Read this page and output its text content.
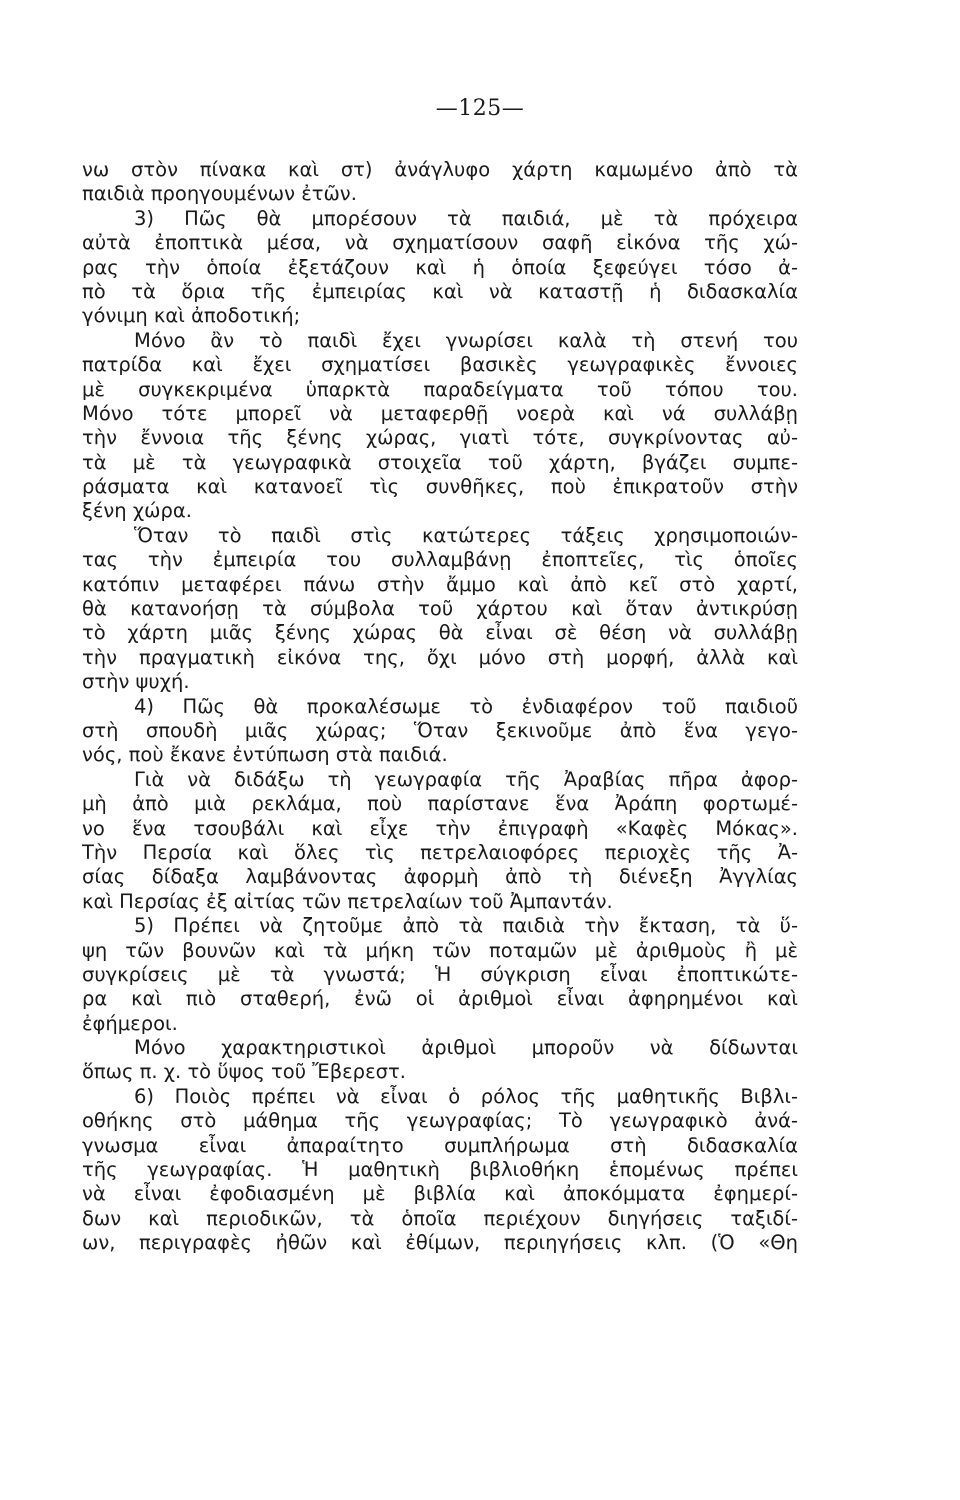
—125—
νω στὸν πίνακα καὶ στ) ἀνάγλυφο χάρτη καμωμένο ἀπὸ τὰ
παιδιὰ προηγουμένων ἐτῶν.
3) Πῶς θὰ μπορέσουν τὰ παιδιά, μὲ τὰ πρόχειρα
αὐτὰ ἐποπτικὰ μέσα, νὰ σχηματίσουν σαφῆ εἰκόνα τῆς χώ-
ρας τὴν ὁποία ἐξετάζουν καὶ ἡ ὁποία ξεφεύγει τόσο ἀ-
πὸ τὰ ὅρια τῆς ἐμπειρίας καὶ νὰ καταστῇ ἡ διδασκαλία
γόνιμη καὶ ἀποδοτική;
Μόνο ἂν τὸ παιδὶ ἔχει γνωρίσει καλὰ τὴ στενή του
πατρίδα καὶ ἔχει σχηματίσει βασικὲς γεωγραφικὲς ἔννοιες
μὲ συγκεκριμένα ὑπαρκτὰ παραδείγματα τοῦ τόπου του.
Μόνο τότε μπορεῖ νὰ μεταφερθῇ νοερὰ καὶ νά συλλάβῃ
τὴν ἔννοια τῆς ξένης χώρας, γιατὶ τότε, συγκρίνοντας αὐ-
τὰ μὲ τὰ γεωγραφικὰ στοιχεῖα τοῦ χάρτη, βγάζει συμπε-
ράσματα καὶ κατανοεῖ τὶς συνθῆκες, ποὺ ἐπικρατοῦν στὴν
ξένη χώρα.
Ὅταν τὸ παιδὶ στὶς κατώτερες τάξεις χρησιμοποιών-
τας τὴν ἐμπειρία του συλλαμβάνῃ ἐποπτεῖες, τὶς ὁποῖες
κατόπιν μεταφέρει πάνω στὴν ἄμμο καὶ ἀπὸ κεῖ στὸ χαρτί,
θὰ κατανοήσῃ τὰ σύμβολα τοῦ χάρτου καὶ ὅταν ἀντικρύσῃ
τὸ χάρτη μιᾶς ξένης χώρας θὰ εἶναι σὲ θέση νὰ συλλάβῃ
τὴν πραγματικὴ εἰκόνα της, ὄχι μόνο στὴ μορφή, ἀλλὰ καὶ
στὴν ψυχή.
4) Πῶς θὰ προκαλέσωμε τὸ ἐνδιαφέρον τοῦ παιδιοῦ
στὴ σπουδὴ μιᾶς χώρας; Ὅταν ξεκινοῦμε ἀπὸ ἕνα γεγο-
νός, ποὺ ἔκανε ἐντύπωση στὰ παιδιά.
Γιὰ νὰ διδάξω τὴ γεωγραφία τῆς Ἀραβίας πῆρα ἀφορ-
μὴ ἀπὸ μιὰ ρεκλάμα, ποὺ παρίστανε ἕνα Ἀράπη φορτωμέ-
νο ἕνα τσουβάλι καὶ εἶχε τὴν ἐπιγραφὴ «Καφὲς Μόκας».
Τὴν Περσία καὶ ὅλες τὶς πετρελαιοφόρες περιοχὲς τῆς Ἀ-
σίας δίδαξα λαμβάνοντας ἀφορμὴ ἀπὸ τὴ διένεξη Ἀγγλίας
καὶ Περσίας ἐξ αἰτίας τῶν πετρελαίων τοῦ Ἀμπαντάν.
5) Πρέπει νὰ ζητοῦμε ἀπὸ τὰ παιδιὰ τὴν ἔκταση, τὰ ὕ-
ψη τῶν βουνῶν καὶ τὰ μήκη τῶν ποταμῶν μὲ ἀριθμοὺς ἢ μὲ
συγκρίσεις μὲ τὰ γνωστά; Ἡ σύγκριση εἶναι ἐποπτικώτε-
ρα καὶ πιὸ σταθερή, ἐνῶ οἱ ἀριθμοὶ εἶναι ἀφηρημένοι καὶ
ἐφήμεροι.
Μόνο χαρακτηριστικοὶ ἀριθμοὶ μποροῦν νὰ δίδωνται
ὅπως π. χ. τὸ ὕψος τοῦ Ἔβερεστ.
6) Ποιὸς πρέπει νὰ εἶναι ὁ ρόλος τῆς μαθητικῆς Βιβλι-
οθήκης στὸ μάθημα τῆς γεωγραφίας; Τὸ γεωγραφικὸ ἀνά-
γνωσμα εἶναι ἀπαραίτητο συμπλήρωμα στὴ διδασκαλία
τῆς γεωγραφίας. Ἡ μαθητικὴ βιβλιοθήκη ἑπομένως πρέπει
νὰ εἶναι ἐφοδιασμένη μὲ βιβλία καὶ ἀποκόμματα ἐφημερί-
δων καὶ περιοδικῶν, τὰ ὁποῖα περιέχουν διηγήσεις ταξιδί-
ων, περιγραφὲς ἠθῶν καὶ ἐθίμων, περιηγήσεις κλπ. (Ὁ «Θη
